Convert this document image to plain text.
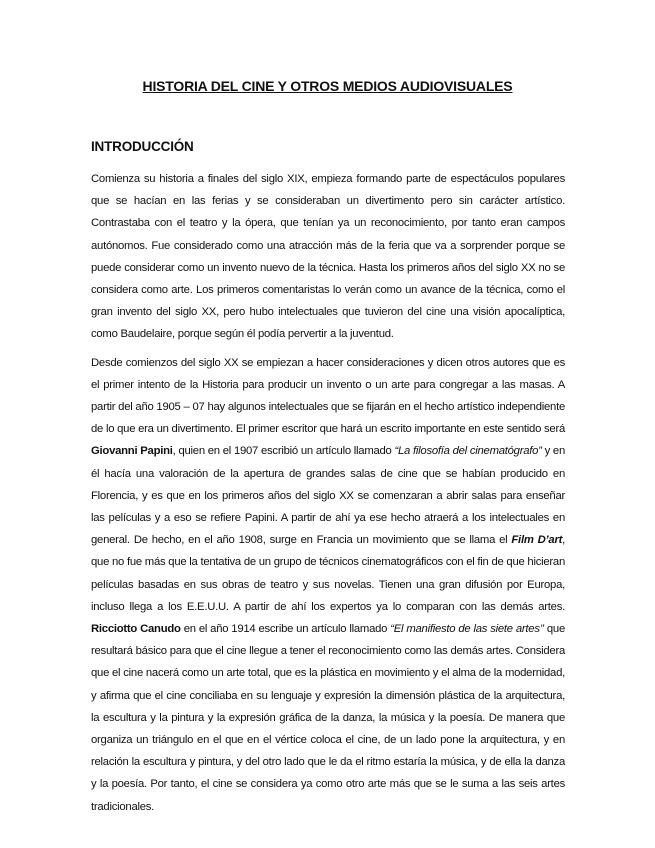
HISTORIA DEL CINE Y OTROS MEDIOS AUDIOVISUALES
INTRODUCCIÓN

Comienza su historia a finales del siglo XIX, empieza formando parte de espectáculos populares que se hacían en las ferias y se consideraban un divertimento pero sin carácter artístico. Contrastaba con el teatro y la ópera, que tenían ya un reconocimiento, por tanto eran campos autónomos. Fue considerado como una atracción más de la feria que va a sorprender porque se puede considerar como un invento nuevo de la técnica. Hasta los primeros años del siglo XX no se considera como arte. Los primeros comentaristas lo verán como un avance de la técnica, como el gran invento del siglo XX, pero hubo intelectuales que tuvieron del cine una visión apocalíptica, como Baudelaire, porque según él podía pervertir a la juventud.

Desde comienzos del siglo XX se empiezan a hacer consideraciones y dicen otros autores que es el primer intento de la Historia para producir un invento o un arte para congregar a las masas. A partir del año 1905 – 07 hay algunos intelectuales que se fijarán en el hecho artístico independiente de lo que era un divertimento. El primer escritor que hará un escrito importante en este sentido será Giovanni Papini, quien en el 1907 escribió un artículo llamado “La filosofía del cinematógrafo” y en él hacía una valoración de la apertura de grandes salas de cine que se habían producido en Florencia, y es que en los primeros años del siglo XX se comenzaran a abrir salas para enseñar las películas y a eso se refiere Papini. A partir de ahí ya ese hecho atraerá a los intelectuales en general. De hecho, en el año 1908, surge en Francia un movimiento que se llama el Film D’art, que no fue más que la tentativa de un grupo de técnicos cinematográficos con el fin de que hicieran películas basadas en sus obras de teatro y sus novelas. Tienen una gran difusión por Europa, incluso llega a los E.E.U.U. A partir de ahí los expertos ya lo comparan con las demás artes. Ricciotto Canudo en el año 1914 escribe un artículo llamado “El manifiesto de las siete artes’’ que resultará básico para que el cine llegue a tener el reconocimiento como las demás artes. Considera que el cine nacerá como un arte total, que es la plástica en movimiento y el alma de la modernidad, y afirma que el cine conciliaba en su lenguaje y expresión la dimensión plástica de la arquitectura, la escultura y la pintura y la expresión gráfica de la danza, la música y la poesía. De manera que organiza un triángulo en el que en el vértice coloca el cine, de un lado pone la arquitectura, y en relación la escultura y pintura, y del otro lado que le da el ritmo estaría la música, y de ella la danza y la poesía. Por tanto, el cine se considera ya como otro arte más que se le suma a las seis artes tradicionales.
